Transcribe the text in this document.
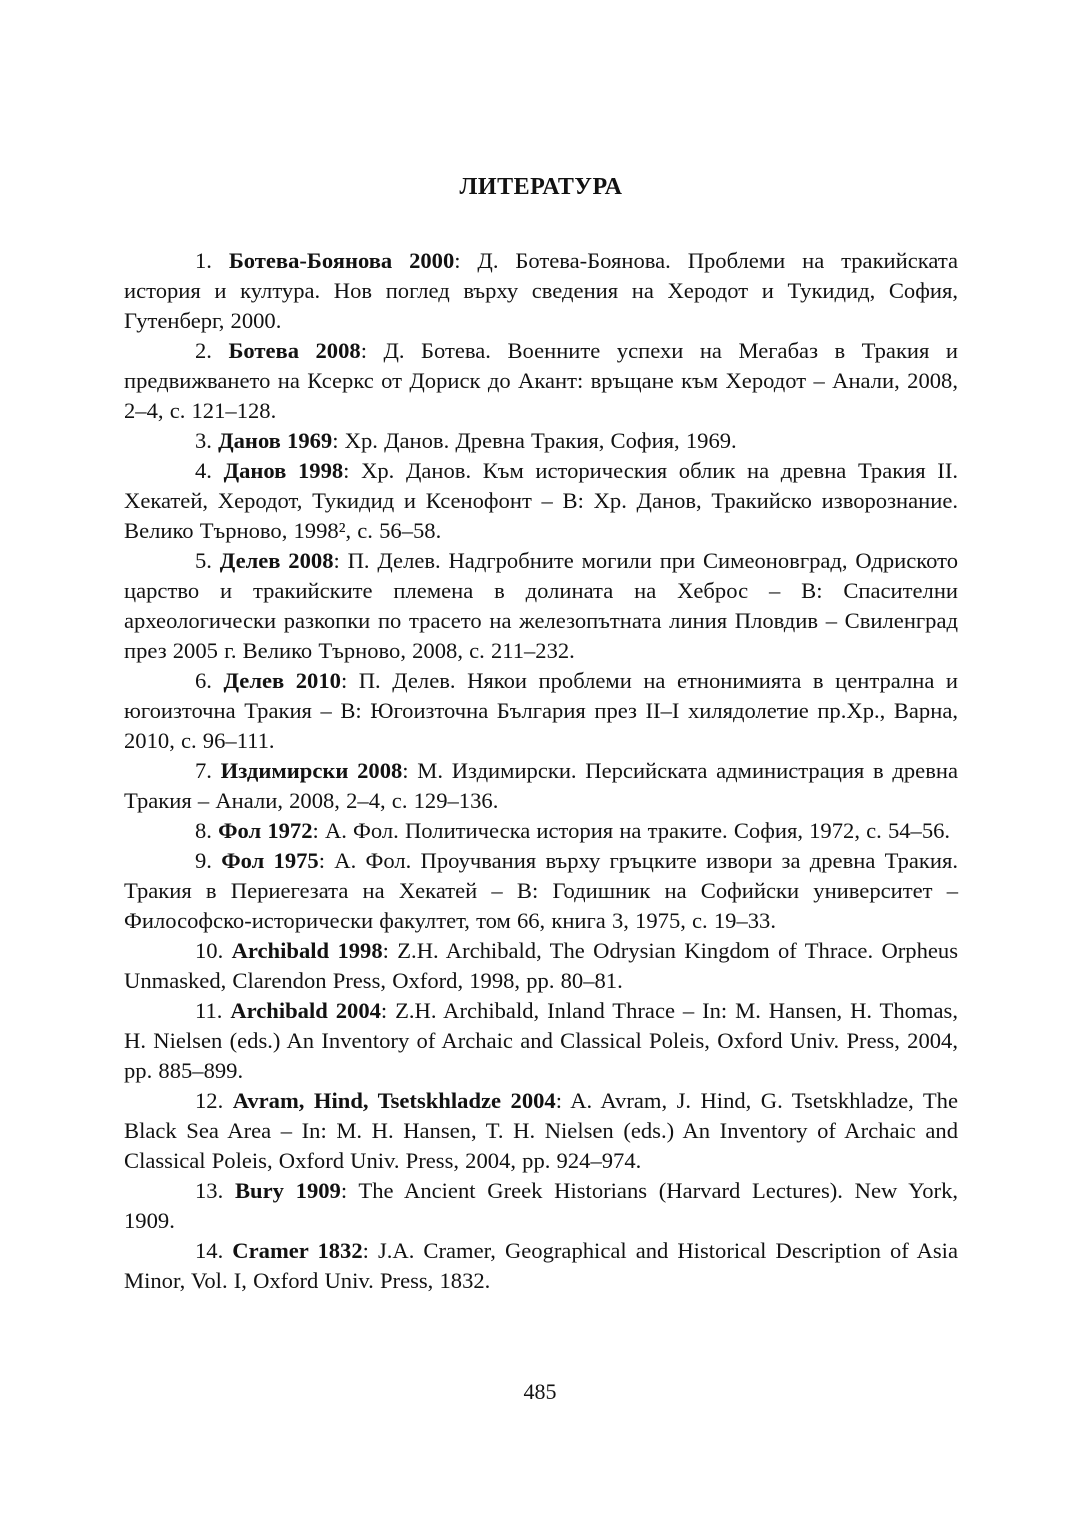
ЛИТЕРАТУРА

1. Ботева-Боянова 2000: Д. Ботева-Боянова. Проблеми на тракийската история и култура. Нов поглед върху сведения на Херодот и Тукидид, София, Гутенберг, 2000.

2. Ботева 2008: Д. Ботева. Военните успехи на Мегабаз в Тракия и предвижването на Ксеркс от Дориск до Акант: връщане към Херодот – Анали, 2008, 2–4, с. 121–128.

3. Данов 1969: Хр. Данов. Древна Тракия, София, 1969.

4. Данов 1998: Хр. Данов. Към историческия облик на древна Тракия II. Хекатей, Херодот, Тукидид и Ксенофонт – В: Хр. Данов, Тракийско изворознание. Велико Търново, 1998², с. 56–58.

5. Делев 2008: П. Делев. Надгробните могили при Симеоновград, Одриското царство и тракийските племена в долината на Хеброс – В: Спасителни археологически разкопки по трасето на железопътната линия Пловдив – Свиленград през 2005 г. Велико Търново, 2008, с. 211–232.

6. Делев 2010: П. Делев. Някои проблеми на етнонимията в централна и югоизточна Тракия – В: Югоизточна България през II–I хилядолетие пр.Хр., Варна, 2010, с. 96–111.

7. Издимирски 2008: М. Издимирски. Персийската администрация в древна Тракия – Анали, 2008, 2–4, с. 129–136.

8. Фол 1972: А. Фол. Политическа история на траките. София, 1972, с. 54–56.

9. Фол 1975: А. Фол. Проучвания върху гръцките извори за древна Тракия. Тракия в Периегезата на Хекатей – В: Годишник на Софийски университет – Философско-исторически факултет, том 66, книга 3, 1975, с. 19–33.

10. Archibald 1998: Z.H. Archibald, The Odrysian Kingdom of Thrace. Orpheus Unmasked, Clarendon Press, Oxford, 1998, pp. 80–81.

11. Archibald 2004: Z.H. Archibald, Inland Thrace – In: M. Hansen, H. Thomas, H. Nielsen (eds.) An Inventory of Archaic and Classical Poleis, Oxford Univ. Press, 2004, pp. 885–899.

12. Avram, Hind, Tsetskhladze 2004: A. Avram, J. Hind, G. Tsetskhladze, The Black Sea Area – In: M. H. Hansen, T. H. Nielsen (eds.) An Inventory of Archaic and Classical Poleis, Oxford Univ. Press, 2004, pp. 924–974.

13. Bury 1909: The Ancient Greek Historians (Harvard Lectures). New York, 1909.

14. Cramer 1832: J.A. Cramer, Geographical and Historical Description of Asia Minor, Vol. I, Oxford Univ. Press, 1832.

485
